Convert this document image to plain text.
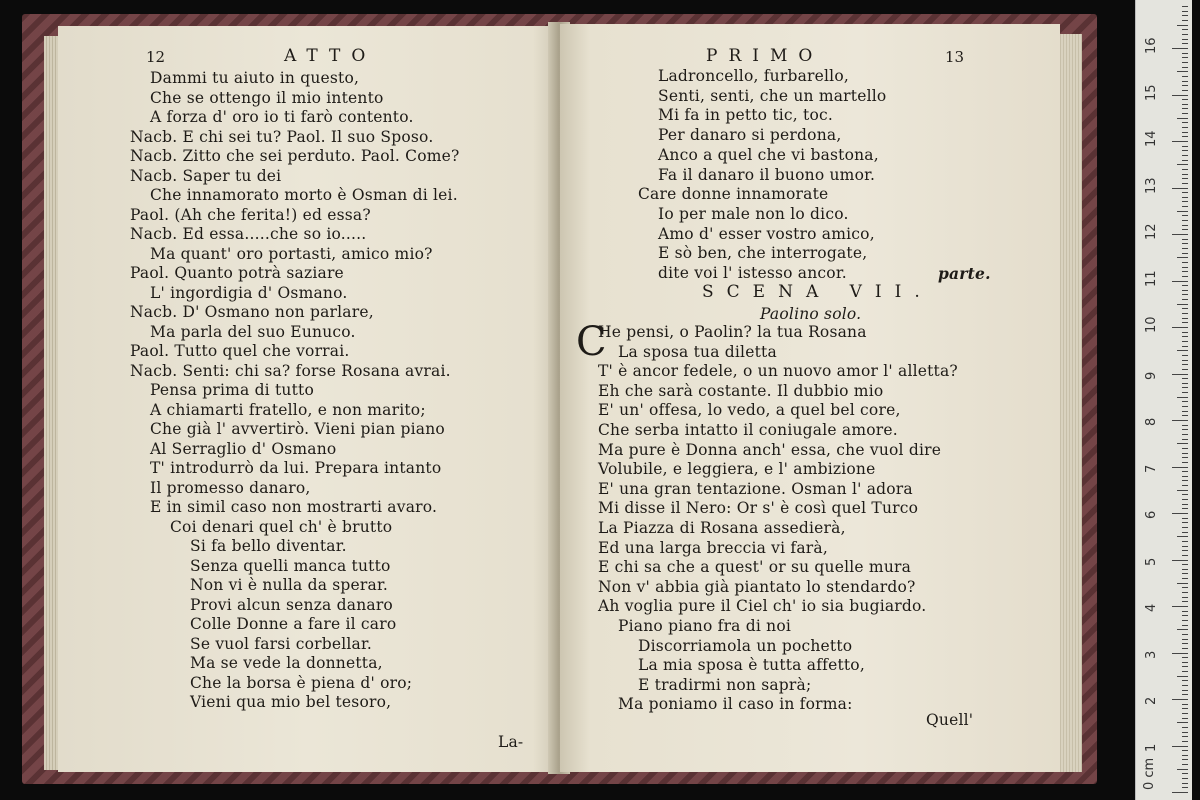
12	ATTO
Dammi tu aiuto in questo,
Che se ottengo il mio intento
A forza d' oro io ti farò contento.
Nacb. E chi sei tu? Paol. Il suo Sposo.
Nacb. Zitto che sei perduto. Paol. Come?
Nacb. Saper tu dei
Che innamorato morto è Osman di lei.
Paol. (Ah che ferita!) ed essa?
Nacb. Ed essa.....che so io.....
Ma quant' oro portasti, amico mio?
Paol. Quanto potrà saziare
L' ingordigia d' Osmano.
Nacb. D' Osmano non parlare,
Ma parla del suo Eunuco.
Paol. Tutto quel che vorrai.
Nacb. Senti: chi sa? forse Rosana avrai.
Pensa prima di tutto
A chiamarti fratello, e non marito;
Che già l' avvertirò. Vieni pian piano
Al Serraglio d' Osmano
T' introdurrò da lui. Prepara intanto
Il promesso danaro,
E in simil caso non mostrarti avaro.
Coi denari quel ch' è brutto
Si fa bello diventar.
Senza quelli manca tutto
Non vi è nulla da sperar.
Provi alcun senza danaro
Colle Donne a fare il caro
Se vuol farsi corbellar.
Ma se vede la donnetta,
Che la borsa è piena d' oro;
Vieni qua mio bel tesoro,
La-
PRIMO	13
Ladroncello, furbarello,
Senti, senti, che un martello
Mi fa in petto tic, toc.
Per danaro si perdona,
Anco a quel che vi bastona,
Fa il danaro il buono umor.
Care donne innamorate
Io per male non lo dico.
Amo d' esser vostro amico,
E sò ben, che interrogate,
dite voi l' istesso ancor.	parte.
SCENA VII.
Paolino solo.
C
He pensi, o Paolin? la tua Rosana
La sposa tua diletta
T' è ancor fedele, o un nuovo amor l' alletta?
Eh che sarà costante. Il dubbio mio
E' un' offesa, lo vedo, a quel bel core,
Che serba intatto il coniugale amore.
Ma pure è Donna anch' essa, che vuol dire
Volubile, e leggiera, e l' ambizione
E' una gran tentazione. Osman l' adora
Mi disse il Nero: Or s' è così quel Turco
La Piazza di Rosana assedierà,
Ed una larga breccia vi farà,
E chi sa che a quest' or su quelle mura
Non v' abbia già piantato lo stendardo?
Ah voglia pure il Ciel ch' io sia bugiardo.
Piano piano fra di noi
Discorriamola un pochetto
La mia sposa è tutta affetto,
E tradirmi non saprà;
Ma poniamo il caso in forma:
Quell'
0 cm
1
2
3
4
5
6
7
8
9
10
11
12
13
14
15
16
